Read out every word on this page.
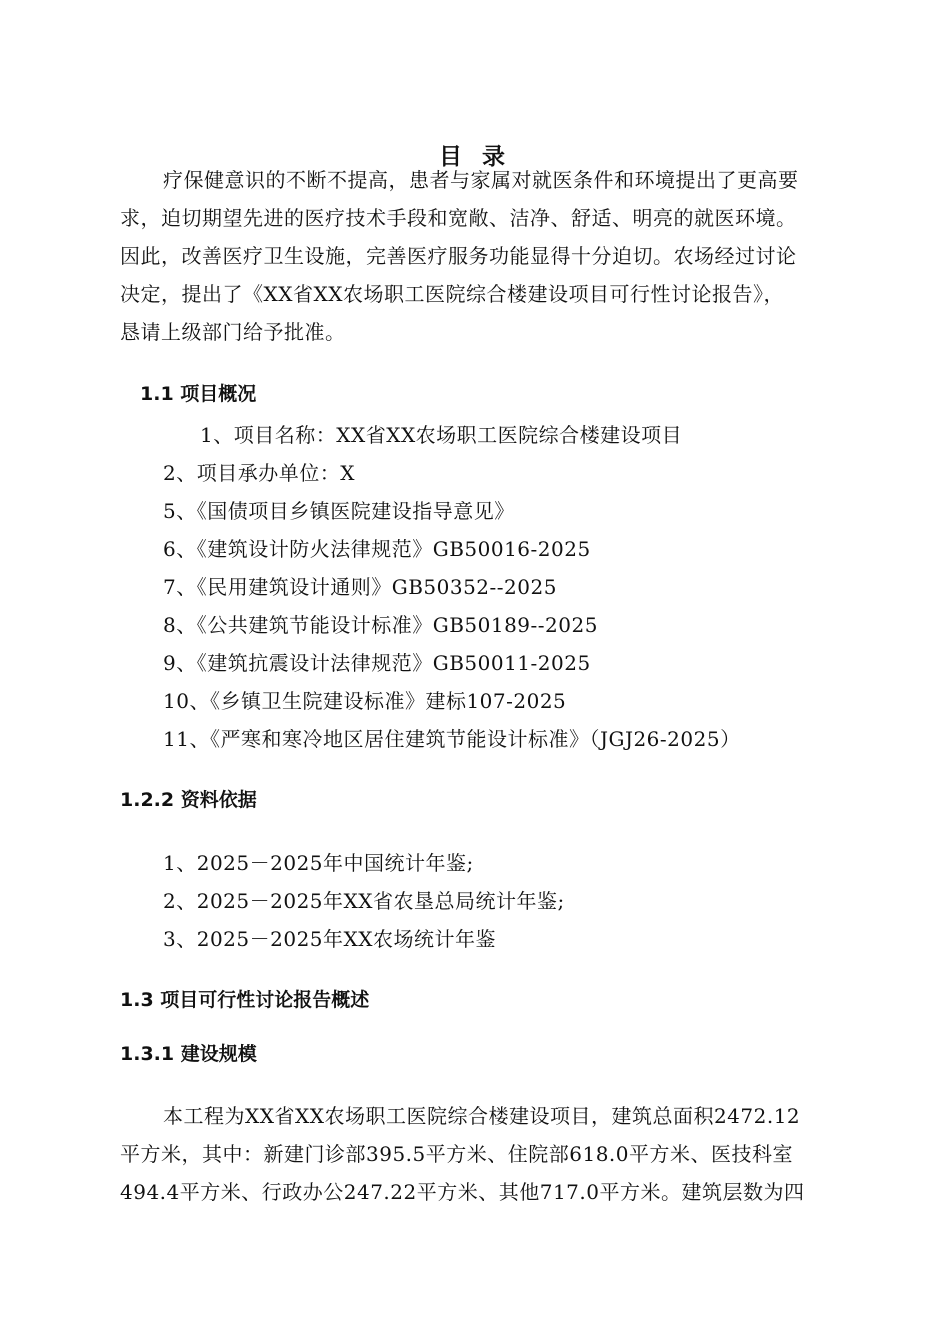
目 录
疗保健意识的不断不提高，患者与家属对就医条件和环境提出了更高要
求，迫切期望先进的医疗技术手段和宽敞、洁净、舒适、明亮的就医环境。
因此，改善医疗卫生设施，完善医疗服务功能显得十分迫切。农场经过讨论
决定，提出了《XX省XX农场职工医院综合楼建设项目可行性讨论报告》，
恳请上级部门给予批准。
1.1 项目概况
1、项目名称：XX省XX农场职工医院综合楼建设项目
2、项目承办单位：X
5、《国债项目乡镇医院建设指导意见》
6、《建筑设计防火法律规范》GB50016-2025
7、《民用建筑设计通则》GB50352--2025
8、《公共建筑节能设计标准》GB50189--2025
9、《建筑抗震设计法律规范》GB50011-2025
10、《乡镇卫生院建设标准》建标107-2025
11、《严寒和寒冷地区居住建筑节能设计标准》（JGJ26-2025）
1.2.2 资料依据
1、2025－2025年中国统计年鉴;
2、2025－2025年XX省农垦总局统计年鉴;
3、2025－2025年XX农场统计年鉴
1.3 项目可行性讨论报告概述
1.3.1 建设规模
本工程为XX省XX农场职工医院综合楼建设项目，建筑总面积2472.12
平方米，其中：新建门诊部395.5平方米、住院部618.0平方米、医技科室
494.4平方米、行政办公247.22平方米、其他717.0平方米。建筑层数为四
